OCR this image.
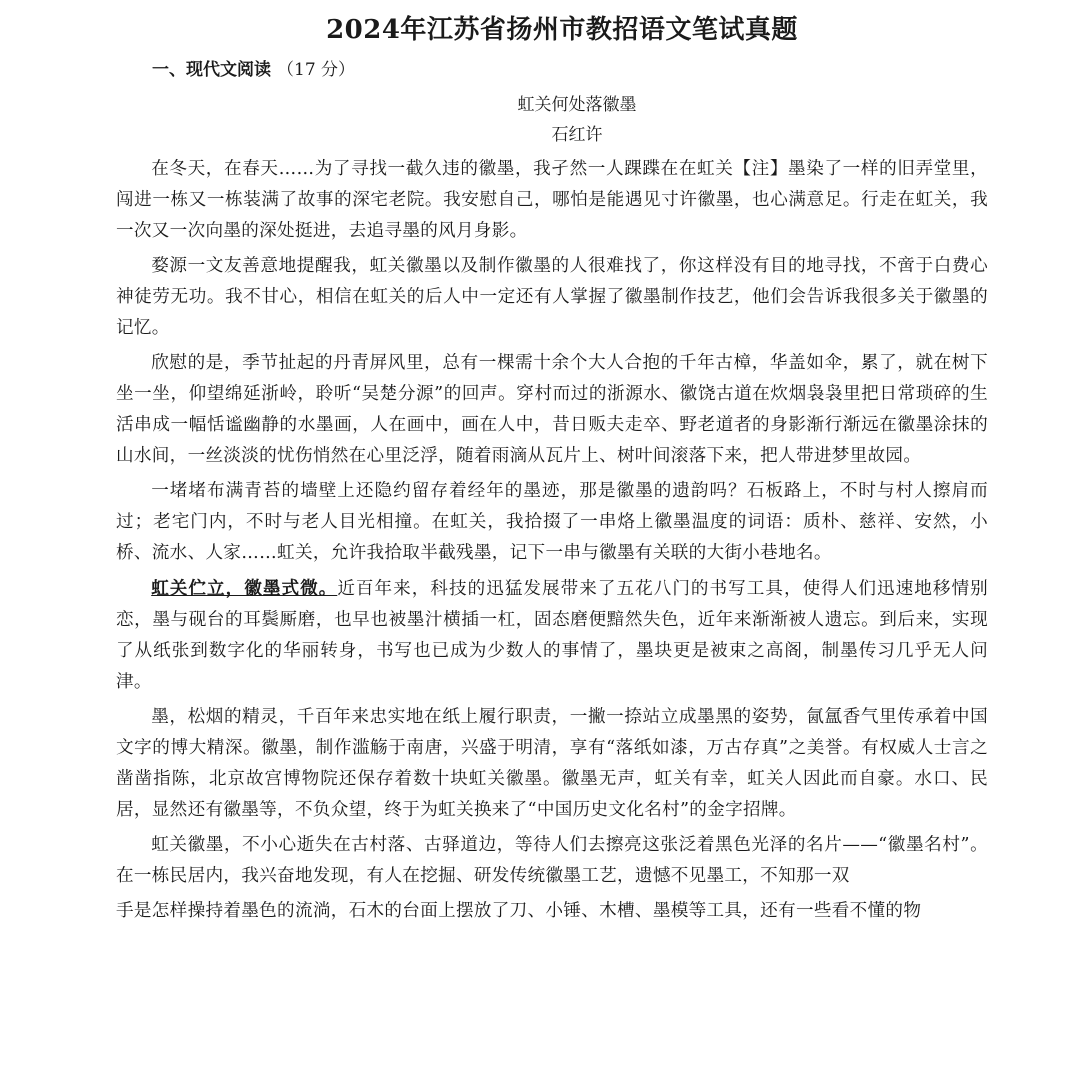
2024年江苏省扬州市教招语文笔试真题
一、现代文阅读 （17 分）
虹关何处落徽墨
石红许

在冬天，在春天……为了寻找一截久违的徽墨，我孑然一人踝蹀在在虹关【注】墨染了一样的旧弄堂里，闯进一栋又一栋装满了故事的深宅老院。我安慰自己，哪怕是能遇见寸许徽墨，也心满意足。行走在虹关，我一次又一次向墨的深处挺进，去追寻墨的风月身影。

婺源一文友善意地提醒我，虹关徽墨以及制作徽墨的人很难找了，你这样没有目的地寻找，不啻于白费心神徒劳无功。我不甘心，相信在虹关的后人中一定还有人掌握了徽墨制作技艺，他们会告诉我很多关于徽墨的记忆。

欣慰的是，季节扯起的丹青屏风里，总有一棵需十余个大人合抱的千年古樟，华盖如伞，累了，就在树下坐一坐，仰望绵延浙岭，聆听“吴楚分源”的回声。穿村而过的浙源水、徽饶古道在炊烟袅袅里把日常琐碎的生活串成一幅恬谧幽静的水墨画，人在画中，画在人中，昔日贩夫走卒、野老道者的身影渐行渐远在徽墨涂抹的山水间，一丝淡淡的忧伤悄然在心里泛浮，随着雨滴从瓦片上、树叶间滚落下来，把人带进梦里故园。

一堵堵布满青苔的墙壁上还隐约留存着经年的墨迹，那是徽墨的遗韵吗？石板路上，不时与村人擦肩而过；老宅门内，不时与老人目光相撞。在虹关，我拾掇了一串烙上徽墨温度的词语：质朴、慈祥、安然，小桥、流水、人家……虹关，允许我拾取半截残墨，记下一串与徽墨有关联的大街小巷地名。

虹关伫立，徽墨式微。近百年来，科技的迅猛发展带来了五花八门的书写工具，使得人们迅速地移情别恋，墨与砚台的耳鬓厮磨，也早也被墨汁横插一杠，固态磨便黯然失色，近年来渐渐被人遗忘。到后来，实现了从纸张到数字化的华丽转身，书写也已成为少数人的事情了，墨块更是被束之高阁，制墨传习几乎无人问津。

墨，松烟的精灵，千百年来忠实地在纸上履行职责，一撇一捺站立成墨黑的姿势，氤氲香气里传承着中国文字的博大精深。徽墨，制作滥觞于南唐，兴盛于明清，享有“落纸如漆，万古存真”之美誉。有权威人士言之凿凿指陈，北京故宫博物院还保存着数十块虹关徽墨。徽墨无声，虹关有幸，虹关人因此而自豪。水口、民居，显然还有徽墨等，不负众望，终于为虹关换来了“中国历史文化名村”的金字招牌。

虹关徽墨，不小心逝失在古村落、古驿道边，等待人们去擦亮这张泛着黑色光泽的名片——“徽墨名村”。在一栋民居内，我兴奋地发现，有人在挖掘、研发传统徽墨工艺，遗憾不见墨工，不知那一双

手是怎样操持着墨色的流淌，石木的台面上摆放了刀、小锤、木槽、墨模等工具，还有一些看不懂的物
